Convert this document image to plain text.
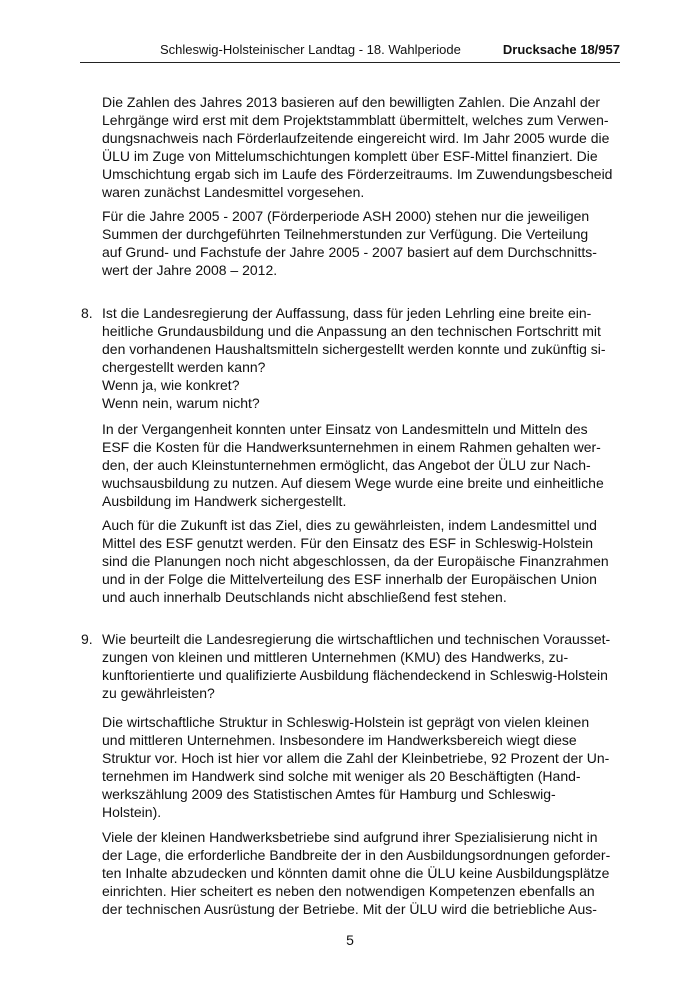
Schleswig-Holsteinischer Landtag - 18. Wahlperiode	Drucksache 18/957
Die Zahlen des Jahres 2013 basieren auf den bewilligten Zahlen. Die Anzahl der
Lehrgänge wird erst mit dem Projektstammblatt übermittelt, welches zum Verwen-
dungsnachweis nach Förderlaufzeitende eingereicht wird. Im Jahr 2005 wurde die
ÜLU im Zuge von Mittelumschichtungen komplett über ESF-Mittel finanziert. Die
Umschichtung ergab sich im Laufe des Förderzeitraums. Im Zuwendungsbescheid
waren zunächst Landesmittel vorgesehen.
Für die Jahre 2005 - 2007 (Förderperiode ASH 2000) stehen nur die jeweiligen
Summen der durchgeführten Teilnehmerstunden zur Verfügung. Die Verteilung
auf Grund- und Fachstufe der Jahre 2005 - 2007 basiert auf dem Durchschnitts-
wert der Jahre 2008 – 2012.
8. Ist die Landesregierung der Auffassung, dass für jeden Lehrling eine breite ein-
heitliche Grundausbildung und die Anpassung an den technischen Fortschritt mit
den vorhandenen Haushaltsmitteln sichergestellt werden konnte und zukünftig si-
chergestellt werden kann?
Wenn ja, wie konkret?
Wenn nein, warum nicht?
In der Vergangenheit konnten unter Einsatz von Landesmitteln und Mitteln des
ESF die Kosten für die Handwerksunternehmen in einem Rahmen gehalten wer-
den, der auch Kleinstunternehmen ermöglicht, das Angebot der ÜLU zur Nach-
wuchsausbildung zu nutzen. Auf diesem Wege wurde eine breite und einheitliche
Ausbildung im Handwerk sichergestellt.
Auch für die Zukunft ist das Ziel, dies zu gewährleisten, indem Landesmittel und
Mittel des ESF genutzt werden. Für den Einsatz des ESF in Schleswig-Holstein
sind die Planungen noch nicht abgeschlossen, da der Europäische Finanzrahmen
und in der Folge die Mittelverteilung des ESF innerhalb der Europäischen Union
und auch innerhalb Deutschlands nicht abschließend fest stehen.
9. Wie beurteilt die Landesregierung die wirtschaftlichen und technischen Vorausset-
zungen von kleinen und mittleren Unternehmen (KMU) des Handwerks, zu-
kunftorientierte und qualifizierte Ausbildung flächendeckend in Schleswig-Holstein
zu gewährleisten?
Die wirtschaftliche Struktur in Schleswig-Holstein ist geprägt von vielen kleinen
und mittleren Unternehmen. Insbesondere im Handwerksbereich wiegt diese
Struktur vor. Hoch ist hier vor allem die Zahl der Kleinbetriebe, 92 Prozent der Un-
ternehmen im Handwerk sind solche mit weniger als 20 Beschäftigten (Hand-
werkszählung 2009 des Statistischen Amtes für Hamburg und Schleswig-
Holstein).
Viele der kleinen Handwerksbetriebe sind aufgrund ihrer Spezialisierung nicht in
der Lage, die erforderliche Bandbreite der in den Ausbildungsordnungen geforder-
ten Inhalte abzudecken und könnten damit ohne die ÜLU keine Ausbildungsplätze
einrichten. Hier scheitert es neben den notwendigen Kompetenzen ebenfalls an
der technischen Ausrüstung der Betriebe. Mit der ÜLU wird die betriebliche Aus-
5
